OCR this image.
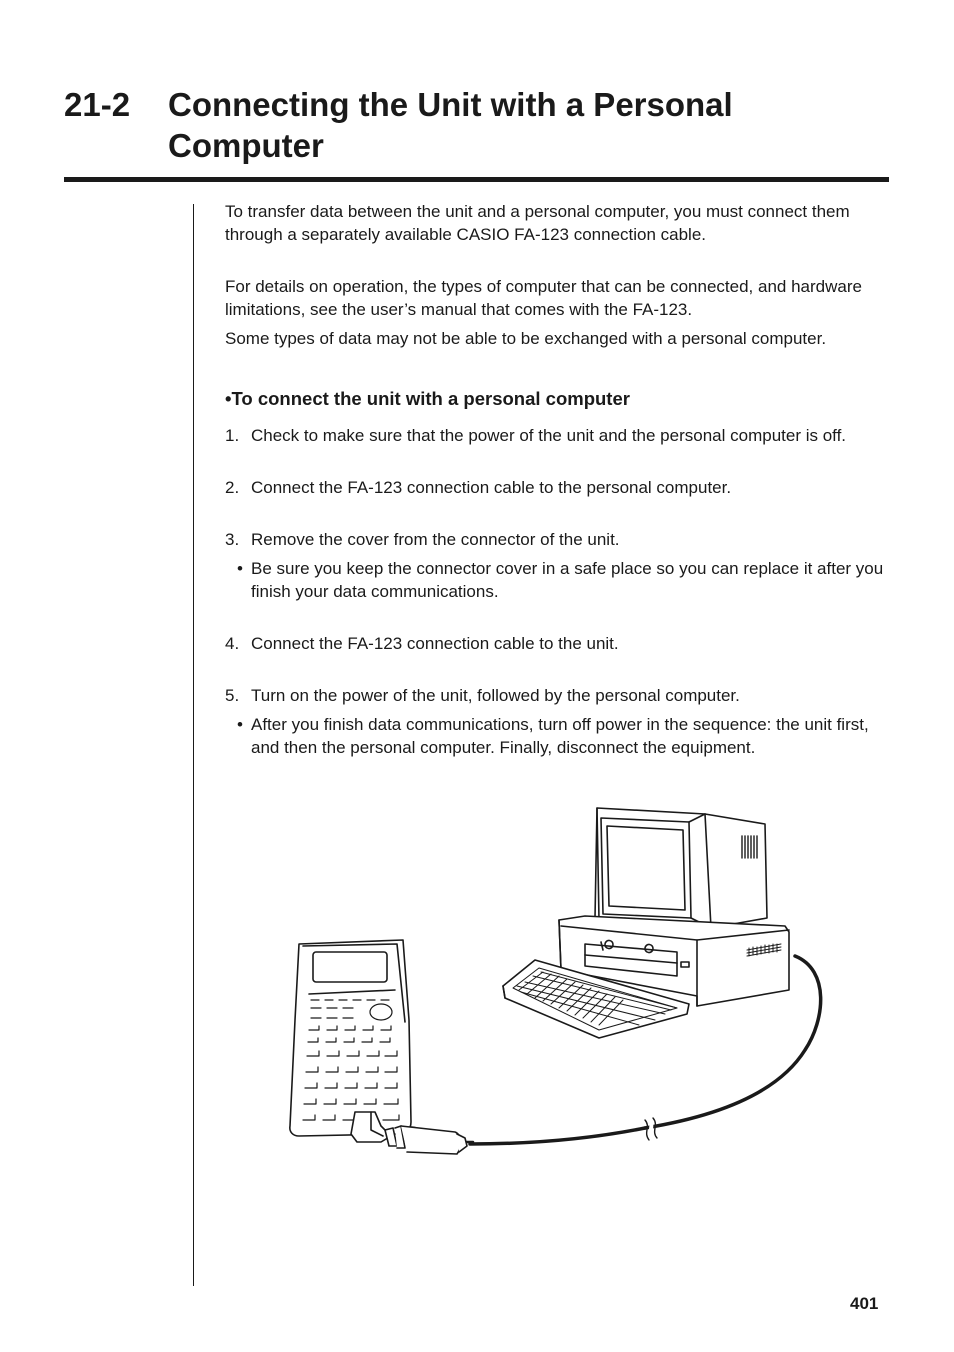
21-2 Connecting the Unit with a Personal Computer

To transfer data between the unit and a personal computer, you must connect them through a separately available CASIO FA-123 connection cable.

For details on operation, the types of computer that can be connected, and hardware limitations, see the user’s manual that comes with the FA-123.

Some types of data may not be able to be exchanged with a personal computer.

•To connect the unit with a personal computer

1. Check to make sure that the power of the unit and the personal computer is off.
2. Connect the FA-123 connection cable to the personal computer.
3. Remove the cover from the connector of the unit.
• Be sure you keep the connector cover in a safe place so you can replace it after you finish your data communications.
4. Connect the FA-123 connection cable to the unit.
5. Turn on the power of the unit, followed by the personal computer.
• After you finish data communications, turn off power in the sequence: the unit first, and then the personal computer. Finally, disconnect the equipment.
401
